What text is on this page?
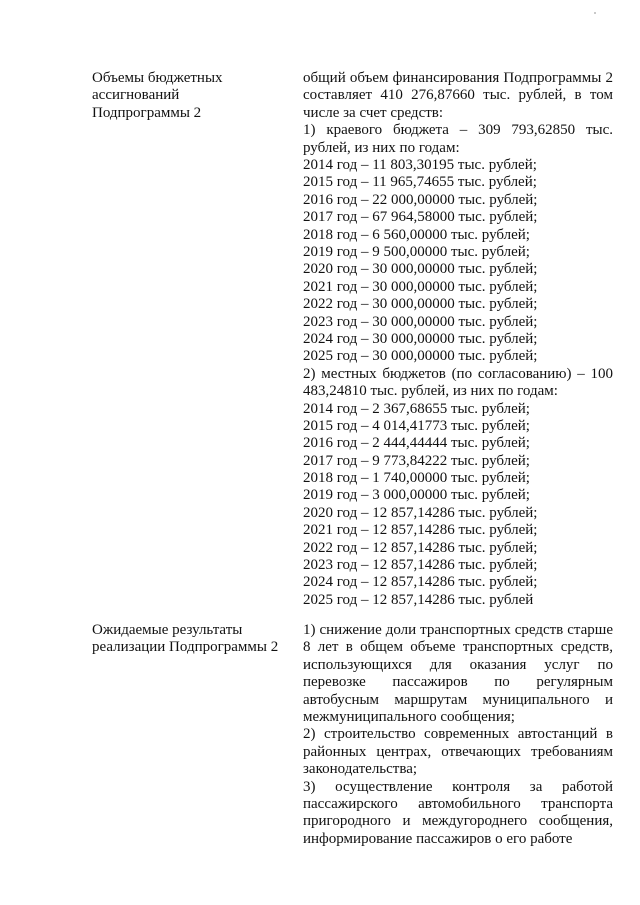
Объемы бюджетных
ассигнований
Подпрограммы 2
общий объем финансирования Подпрограммы 2 составляет 410 276,87660 тыс. рублей, в том числе за счет средств:
1) краевого бюджета – 309 793,62850 тыс. рублей, из них по годам:
2014 год – 11 803,30195 тыс. рублей;
2015 год – 11 965,74655 тыс. рублей;
2016 год – 22 000,00000 тыс. рублей;
2017 год – 67 964,58000 тыс. рублей;
2018 год – 6 560,00000 тыс. рублей;
2019 год – 9 500,00000 тыс. рублей;
2020 год – 30 000,00000 тыс. рублей;
2021 год – 30 000,00000 тыс. рублей;
2022 год – 30 000,00000 тыс. рублей;
2023 год – 30 000,00000 тыс. рублей;
2024 год – 30 000,00000 тыс. рублей;
2025 год – 30 000,00000 тыс. рублей;
2) местных бюджетов (по согласованию) – 100 483,24810 тыс. рублей, из них по годам:
2014 год – 2 367,68655 тыс. рублей;
2015 год – 4 014,41773 тыс. рублей;
2016 год – 2 444,44444 тыс. рублей;
2017 год – 9 773,84222 тыс. рублей;
2018 год – 1 740,00000 тыс. рублей;
2019 год – 3 000,00000 тыс. рублей;
2020 год – 12 857,14286 тыс. рублей;
2021 год – 12 857,14286 тыс. рублей;
2022 год – 12 857,14286 тыс. рублей;
2023 год – 12 857,14286 тыс. рублей;
2024 год – 12 857,14286 тыс. рублей;
2025 год – 12 857,14286 тыс. рублей
Ожидаемые результаты
реализации Подпрограммы 2
1) снижение доли транспортных средств старше 8 лет в общем объеме транспортных средств, использующихся для оказания услуг по перевозке пассажиров по регулярным автобусным маршрутам муниципального и межмуниципального сообщения;
2) строительство современных автостанций в районных центрах, отвечающих требованиям законодательства;
3) осуществление контроля за работой пассажирского автомобильного транспорта пригородного и междугороднего сообщения, информирование пассажиров о его работе
